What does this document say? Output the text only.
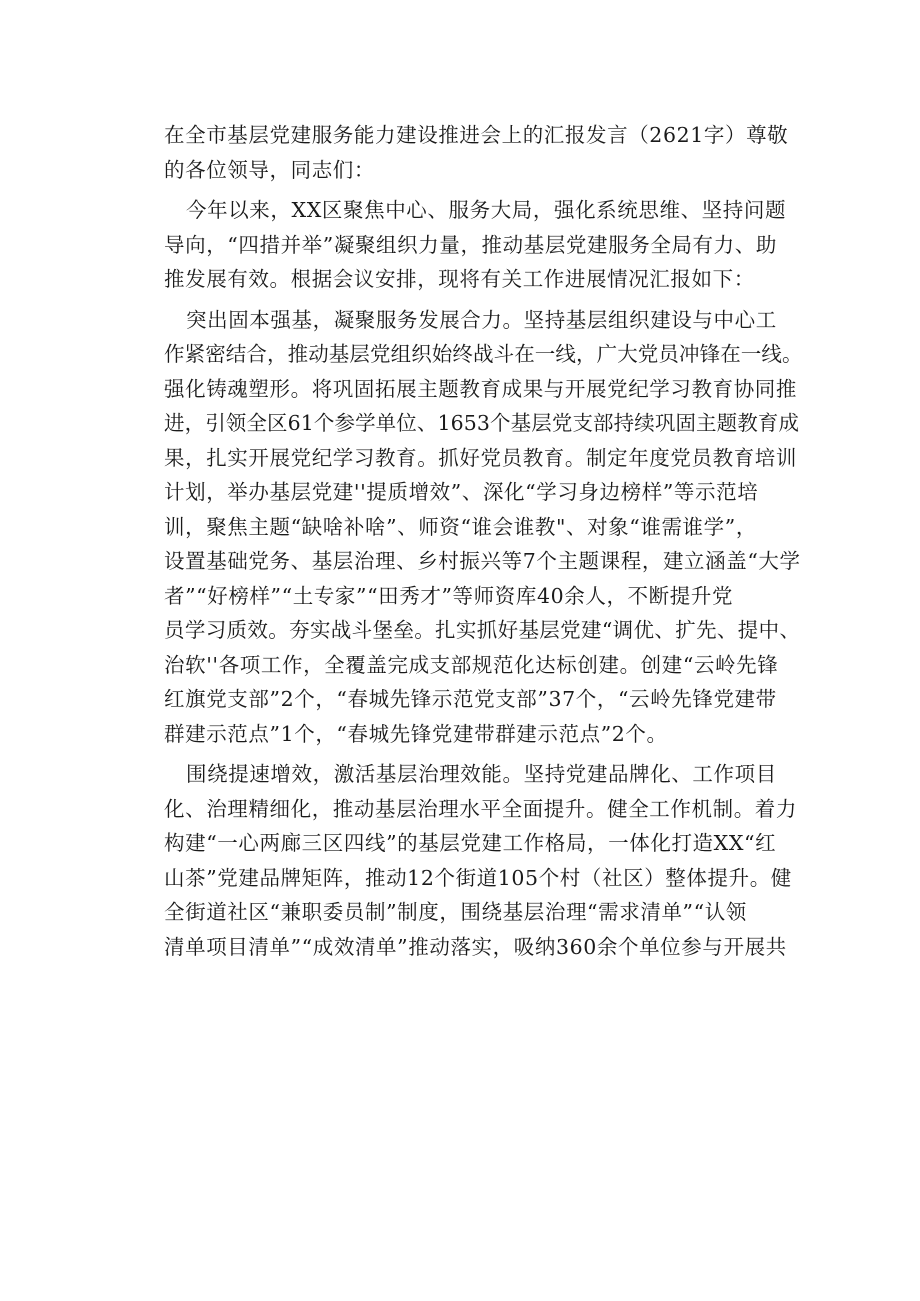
在全市基层党建服务能力建设推进会上的汇报发言（2621字）尊敬
的各位领导，同志们：
今年以来，XX区聚焦中心、服务大局，强化系统思维、坚持问题
导向，“四措并举”凝聚组织力量，推动基层党建服务全局有力、助
推发展有效。根据会议安排，现将有关工作进展情况汇报如下：
突出固本强基，凝聚服务发展合力。坚持基层组织建设与中心工
作紧密结合，推动基层党组织始终战斗在一线，广大党员冲锋在一线。
强化铸魂塑形。将巩固拓展主题教育成果与开展党纪学习教育协同推
进，引领全区61个参学单位、1653个基层党支部持续巩固主题教育成
果，扎实开展党纪学习教育。抓好党员教育。制定年度党员教育培训
计划，举办基层党建''提质增效”、深化“学习身边榜样”等示范培
训，聚焦主题“缺啥补啥”、师资“谁会谁教"、对象“谁需谁学”，
设置基础党务、基层治理、乡村振兴等7个主题课程，建立涵盖“大学
者”“好榜样”“土专家”“田秀才”等师资库40余人，不断提升党
员学习质效。夯实战斗堡垒。扎实抓好基层党建“调优、扩先、提中、
治软''各项工作，全覆盖完成支部规范化达标创建。创建“云岭先锋
红旗党支部”2个，“春城先锋示范党支部”37个，“云岭先锋党建带
群建示范点”1个，“春城先锋党建带群建示范点”2个。
围绕提速增效，激活基层治理效能。坚持党建品牌化、工作项目
化、治理精细化，推动基层治理水平全面提升。健全工作机制。着力
构建“一心两廊三区四线”的基层党建工作格局，一体化打造XX“红
山茶”党建品牌矩阵，推动12个街道105个村（社区）整体提升。健
全街道社区“兼职委员制”制度，围绕基层治理“需求清单”“认领
清单项目清单”“成效清单”推动落实，吸纳360余个单位参与开展共
